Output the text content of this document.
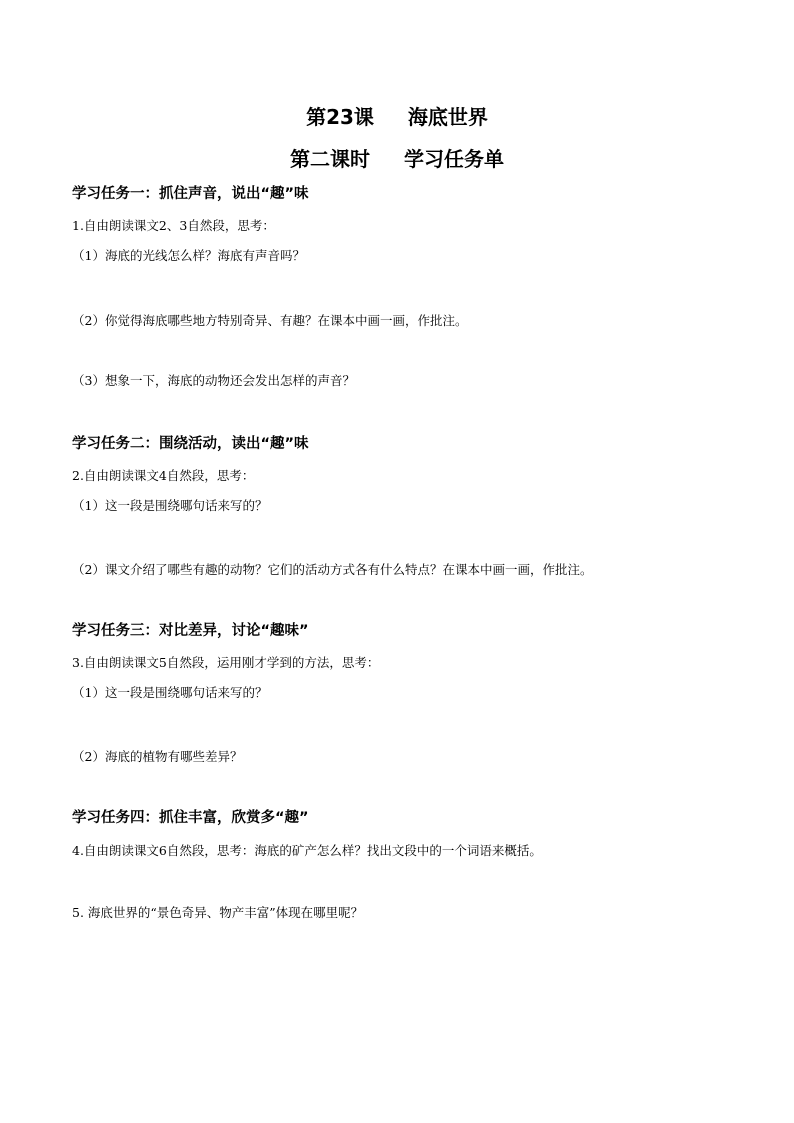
第23课 海底世界
第二课时 学习任务单
学习任务一：抓住声音，说出“趣”味
1.自由朗读课文2、3自然段，思考：
（1）海底的光线怎么样？海底有声音吗？
（2）你觉得海底哪些地方特别奇异、有趣？在课本中画一画，作批注。
（3）想象一下，海底的动物还会发出怎样的声音？
学习任务二：围绕活动，读出“趣”味
2.自由朗读课文4自然段，思考：
（1）这一段是围绕哪句话来写的？
（2）课文介绍了哪些有趣的动物？它们的活动方式各有什么特点？在课本中画一画，作批注。
学习任务三：对比差异，讨论“趣味”
3.自由朗读课文5自然段，运用刚才学到的方法，思考：
（1）这一段是围绕哪句话来写的？
（2）海底的植物有哪些差异？
学习任务四：抓住丰富，欣赏多“趣”
4.自由朗读课文6自然段，思考：海底的矿产怎么样？找出文段中的一个词语来概括。
5. 海底世界的“景色奇异、物产丰富”体现在哪里呢？
